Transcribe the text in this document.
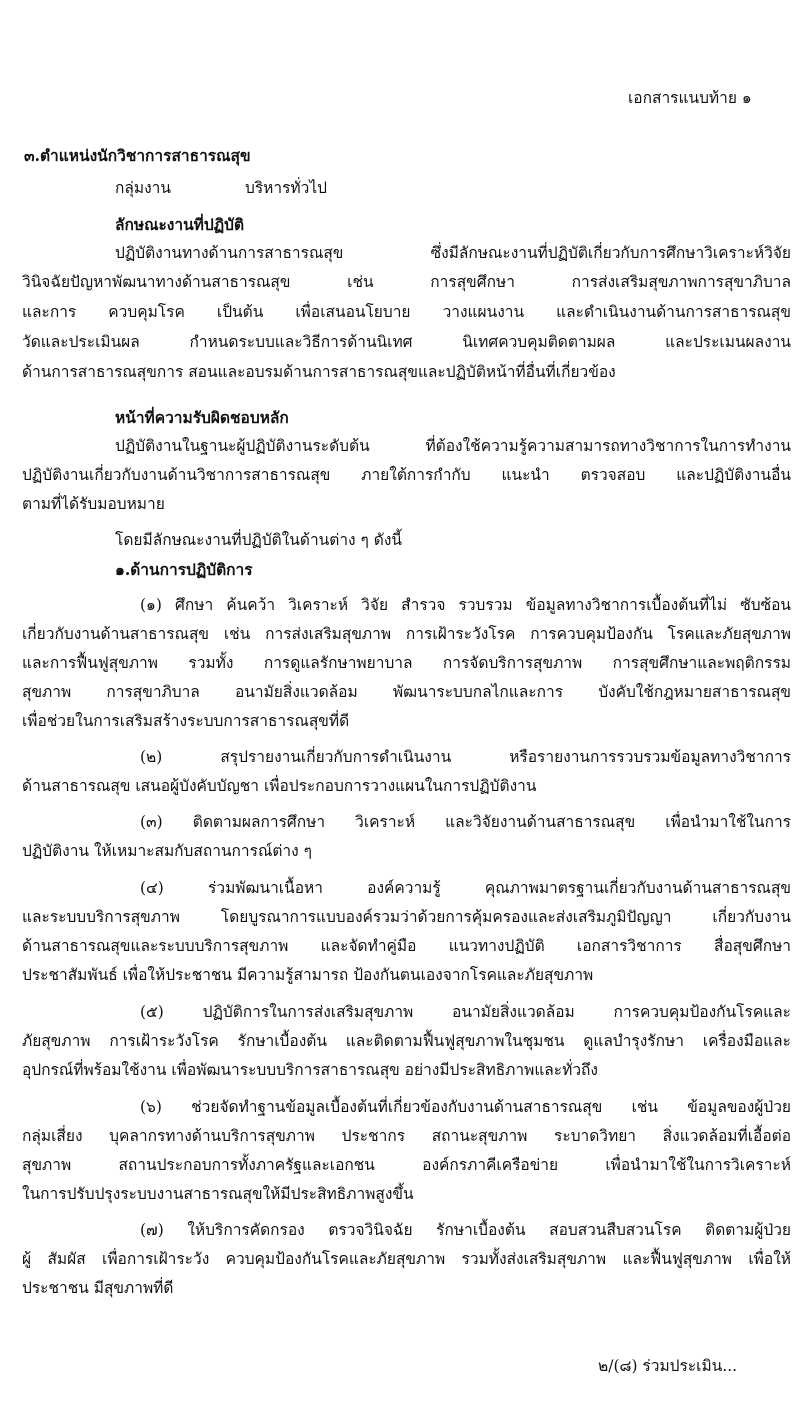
เอกสารแนบท้าย ๑
๓.ตำแหน่งนักวิชาการสาธารณสุข
กลุ่มงาน	บริหารทั่วไป
ลักษณะงานที่ปฏิบัติ
ปฏิบัติงานทางด้านการสาธารณสุข ซึ่งมีลักษณะงานที่ปฏิบัติเกี่ยวกับการศึกษาวิเคราะห์วิจัย
วินิจฉัยปัญหาพัฒนาทางด้านสาธารณสุข เช่น การสุขศึกษา การส่งเสริมสุขภาพการสุขาภิบาล
และการ ควบคุมโรค เป็นต้น เพื่อเสนอนโยบาย วางแผนงาน และดำเนินงานด้านการสาธารณสุข
วัดและประเมินผล กำหนดระบบและวิธีการด้านนิเทศ นิเทศควบคุมติดตามผล และประเมนผลงาน
ด้านการสาธารณสุขการ สอนและอบรมด้านการสาธารณสุขและปฏิบัติหน้าที่อื่นที่เกี่ยวข้อง
หน้าที่ความรับผิดชอบหลัก
ปฏิบัติงานในฐานะผู้ปฏิบัติงานระดับต้น ที่ต้องใช้ความรู้ความสามารถทางวิชาการในการทำงาน
ปฏิบัติงานเกี่ยวกับงานด้านวิชาการสาธารณสุข ภายใต้การกำกับ แนะนำ ตรวจสอบ และปฏิบัติงานอื่น
ตามที่ได้รับมอบหมาย
โดยมีลักษณะงานที่ปฏิบัติในด้านต่าง ๆ ดังนี้
๑.ด้านการปฏิบัติการ
(๑) ศึกษา ค้นคว้า วิเคราะห์ วิจัย สำรวจ รวบรวม ข้อมูลทางวิชาการเบื้องต้นที่ไม่ ซับซ้อน
เกี่ยวกับงานด้านสาธารณสุข เช่น การส่งเสริมสุขภาพ การเฝ้าระวังโรค การควบคุมป้องกัน โรคและภัยสุขภาพ
และการฟื้นฟูสุขภาพ รวมทั้ง การดูแลรักษาพยาบาล การจัดบริการสุขภาพ การสุขศึกษาและพฤติกรรม
สุขภาพ การสุขาภิบาล อนามัยสิ่งแวดล้อม พัฒนาระบบกลไกและการ บังคับใช้กฎหมายสาธารณสุข
เพื่อช่วยในการเสริมสร้างระบบการสาธารณสุขที่ดี
(๒) สรุปรายงานเกี่ยวกับการดำเนินงาน หรือรายงานการรวบรวมข้อมูลทางวิชาการ
ด้านสาธารณสุข เสนอผู้บังคับบัญชา เพื่อประกอบการวางแผนในการปฏิบัติงาน
(๓) ติดตามผลการศึกษา วิเคราะห์ และวิจัยงานด้านสาธารณสุข เพื่อนำมาใช้ในการ
ปฏิบัติงาน ให้เหมาะสมกับสถานการณ์ต่าง ๆ
(๔) ร่วมพัฒนาเนื้อหา องค์ความรู้ คุณภาพมาตรฐานเกี่ยวกับงานด้านสาธารณสุข
และระบบบริการสุขภาพ โดยบูรณาการแบบองค์รวมว่าด้วยการคุ้มครองและส่งเสริมภูมิปัญญา เกี่ยวกับงาน
ด้านสาธารณสุขและระบบบริการสุขภาพ และจัดทำคู่มือ แนวทางปฏิบัติ เอกสารวิชาการ สื่อสุขศึกษา
ประชาสัมพันธ์ เพื่อให้ประชาชน มีความรู้สามารถ ป้องกันตนเองจากโรคและภัยสุขภาพ
(๕) ปฏิบัติการในการส่งเสริมสุขภาพ อนามัยสิ่งแวดล้อม การควบคุมป้องกันโรคและ
ภัยสุขภาพ การเฝ้าระวังโรค รักษาเบื้องต้น และติดตามฟื้นฟูสุขภาพในชุมชน ดูแลบำรุงรักษา เครื่องมือและ
อุปกรณ์ที่พร้อมใช้งาน เพื่อพัฒนาระบบบริการสาธารณสุข อย่างมีประสิทธิภาพและทั่วถึง
(๖) ช่วยจัดทำฐานข้อมูลเบื้องต้นที่เกี่ยวข้องกับงานด้านสาธารณสุข เช่น ข้อมูลของผู้ป่วย
กลุ่มเสี่ยง บุคลากรทางด้านบริการสุขภาพ ประชากร สถานะสุขภาพ ระบาดวิทยา สิ่งแวดล้อมที่เอื้อต่อ
สุขภาพ สถานประกอบการทั้งภาครัฐและเอกชน องค์กรภาคีเครือข่าย เพื่อนำมาใช้ในการวิเคราะห์
ในการปรับปรุงระบบงานสาธารณสุขให้มีประสิทธิภาพสูงขึ้น
(๗) ให้บริการคัดกรอง ตรวจวินิจฉัย รักษาเบื้องต้น สอบสวนสืบสวนโรค ติดตามผู้ป่วย
ผู้ สัมผัส เพื่อการเฝ้าระวัง ควบคุมป้องกันโรคและภัยสุขภาพ รวมทั้งส่งเสริมสุขภาพ และฟื้นฟูสุขภาพ เพื่อให้
ประชาชน มีสุขภาพที่ดี
๒/(๘) ร่วมประเมิน...
